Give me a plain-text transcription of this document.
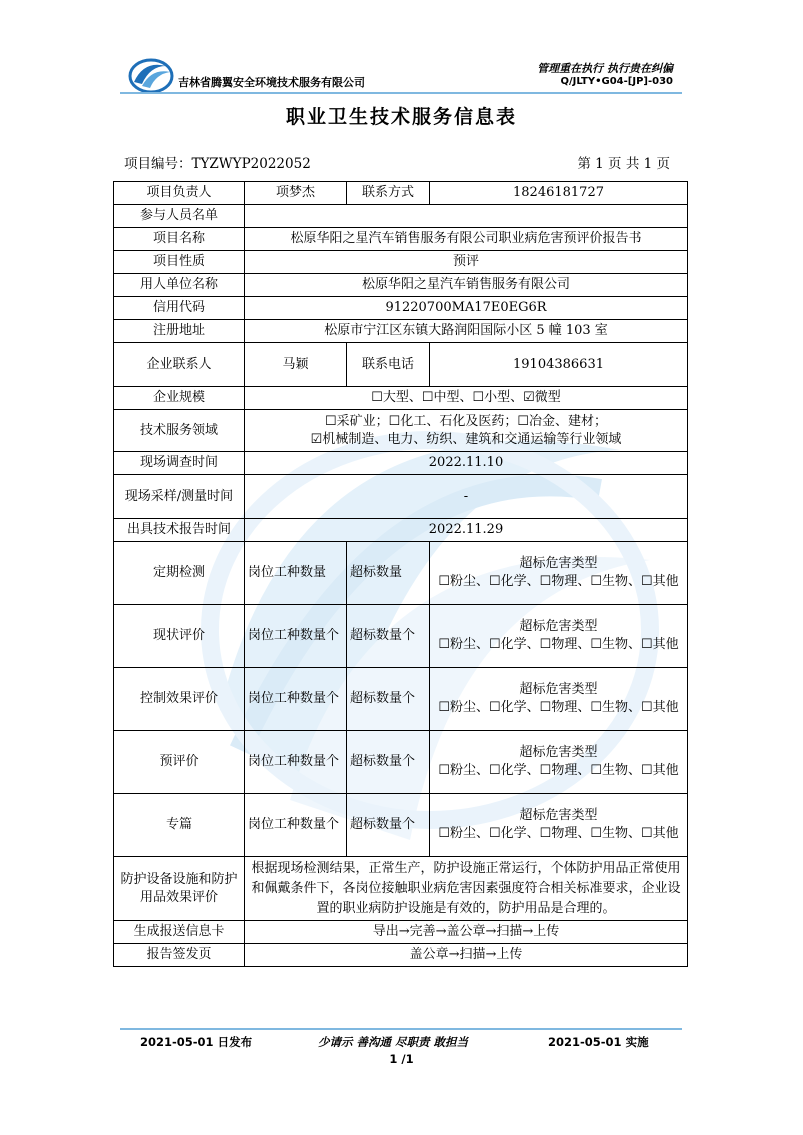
吉林省腾翼安全环境技术服务有限公司
管理重在执行 执行贵在纠偏
Q/JLTY•G04-[JP]-030
职业卫生技术服务信息表
项目编号：TYZWYP2022052	第 1 页 共 1 页
项目负责人	项梦杰	联系方式	18246181727
参与人员名单			
项目名称	松原华阳之星汽车销售服务有限公司职业病危害预评价报告书		
项目性质	预评		
用人单位名称	松原华阳之星汽车销售服务有限公司		
信用代码	91220700MA17E0EG6R		
注册地址	松原市宁江区东镇大路润阳国际小区 5 幢 103 室		
企业联系人	马颖	联系电话	19104386631
企业规模	☐大型、☐中型、☐小型、☑微型		
技术服务领域	☐采矿业；☐化工、石化及医药；☐冶金、建材；
☑机械制造、电力、纺织、建筑和交通运输等行业领域		

现场调查时间	2022.11.10		
现场采样/测量时间	-		
出具技术报告时间	2022.11.29		
定期检测	岗位工种数量	超标数量	超标危害类型
☐粉尘、☐化学、☐物理、☐生物、☐其他

现状评价	岗位工种数量个	超标数量个	超标危害类型
☐粉尘、☐化学、☐物理、☐生物、☐其他

控制效果评价	岗位工种数量个	超标数量个	超标危害类型
☐粉尘、☐化学、☐物理、☐生物、☐其他

预评价	岗位工种数量个	超标数量个	超标危害类型
☐粉尘、☐化学、☐物理、☐生物、☐其他

专篇	岗位工种数量个	超标数量个	超标危害类型
☐粉尘、☐化学、☐物理、☐生物、☐其他

防护设备设施和防护用品效果评价	根据现场检测结果，正常生产，防护设施正常运行，个体防护用品正常使用和佩戴条件下，各岗位接触职业病危害因素强度符合相关标准要求，企业设置的职业病防护设施是有效的，防护用品是合理的。		
生成报送信息卡	导出→完善→盖公章→扫描→上传		
报告签发页	盖公章→扫描→上传		
2021-05-01 日发布	少请示 善沟通 尽职责 敢担当	2021-05-01 实施
1 /1
